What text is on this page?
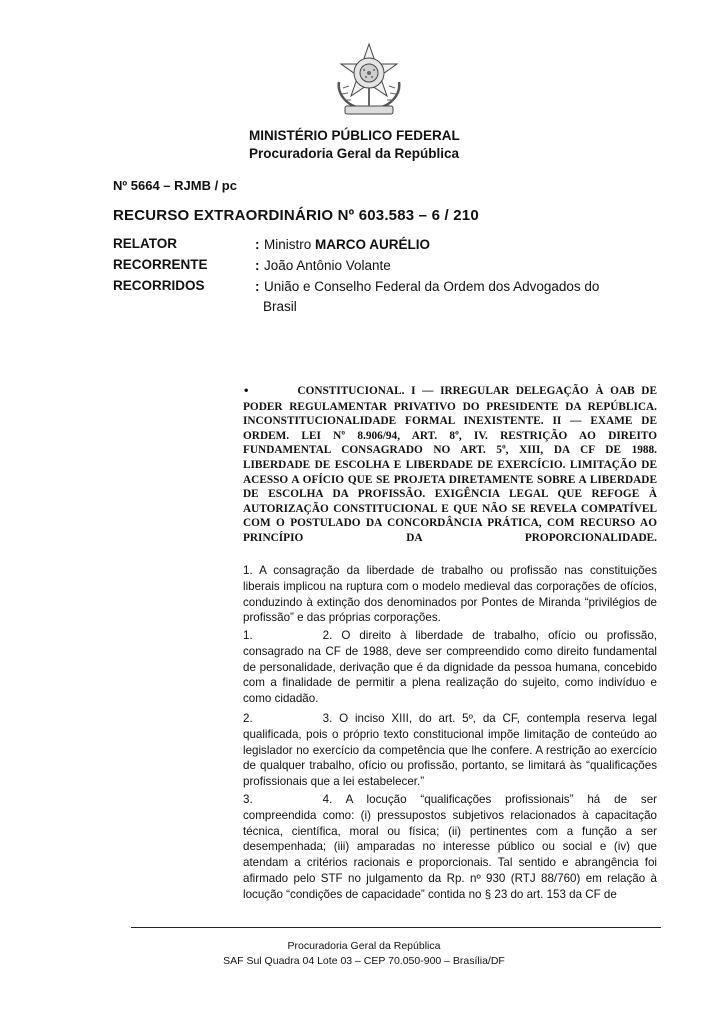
MINISTÉRIO PÚBLICO FEDERAL
Procuradoria Geral da República
Nº 5664 – RJMB / pc
RECURSO EXTRAORDINÁRIO Nº 603.583 – 6 / 210
RELATOR	: Ministro MARCO AURÉLIO
RECORRENTE	: João Antônio Volante
RECORRIDOS	: União e Conselho Federal da Ordem dos Advogados do
Brasil
•	CONSTITUCIONAL. I — IRREGULAR DELEGAÇÃO À OAB DE PODER REGULAMENTAR PRIVATIVO DO PRESIDENTE DA REPÚBLICA. INCONSTITUCIONALIDADE FORMAL INEXISTENTE. II — EXAME DE ORDEM. LEI Nº 8.906/94, ART. 8º, IV. RESTRIÇÃO AO DIREITO FUNDAMENTAL CONSAGRADO NO ART. 5º, XIII, DA CF DE 1988. LIBERDADE DE ESCOLHA E LIBERDADE DE EXERCÍCIO. LIMITAÇÃO DE ACESSO A OFÍCIO QUE SE PROJETA DIRETAMENTE SOBRE A LIBERDADE DE ESCOLHA DA PROFISSÃO. EXIGÊNCIA LEGAL QUE REFOGE À AUTORIZAÇÃO CONSTITUCIONAL E QUE NÃO SE REVELA COMPATÍVEL COM O POSTULADO DA CONCORDÂNCIA PRÁTICA, COM RECURSO AO PRINCÍPIO DA PROPORCIONALIDADE.
1. A consagração da liberdade de trabalho ou profissão nas constituições liberais implicou na ruptura com o modelo medieval das corporações de ofícios, conduzindo à extinção dos denominados por Pontes de Miranda “privilégios de profissão” e das próprias corporações.
1.	2. O direito à liberdade de trabalho, ofício ou profissão, consagrado na CF de 1988, deve ser compreendido como direito fundamental de personalidade, derivação que é da dignidade da pessoa humana, concebido com a finalidade de permitir a plena realização do sujeito, como indivíduo e como cidadão.
2.	3. O inciso XIII, do art. 5º, da CF, contempla reserva legal qualificada, pois o próprio texto constitucional impõe limitação de conteúdo ao legislador no exercício da competência que lhe confere. A restrição ao exercício de qualquer trabalho, ofício ou profissão, portanto, se limitará às “qualificações profissionais que a lei estabelecer.”
3.	4. A locução “qualificações profissionais” há de ser compreendida como: (i) pressupostos subjetivos relacionados à capacitação técnica, científica, moral ou física; (ii) pertinentes com a função a ser desempenhada; (iii) amparadas no interesse público ou social e (iv) que atendam a critérios racionais e proporcionais. Tal sentido e abrangência foi afirmado pelo STF no julgamento da Rp. nº 930 (RTJ 88/760) em relação à locução “condições de capacidade” contida no § 23 do art. 153 da CF de
Procuradoria Geral da República
SAF Sul Quadra 04 Lote 03 – CEP 70.050-900 – Brasília/DF
